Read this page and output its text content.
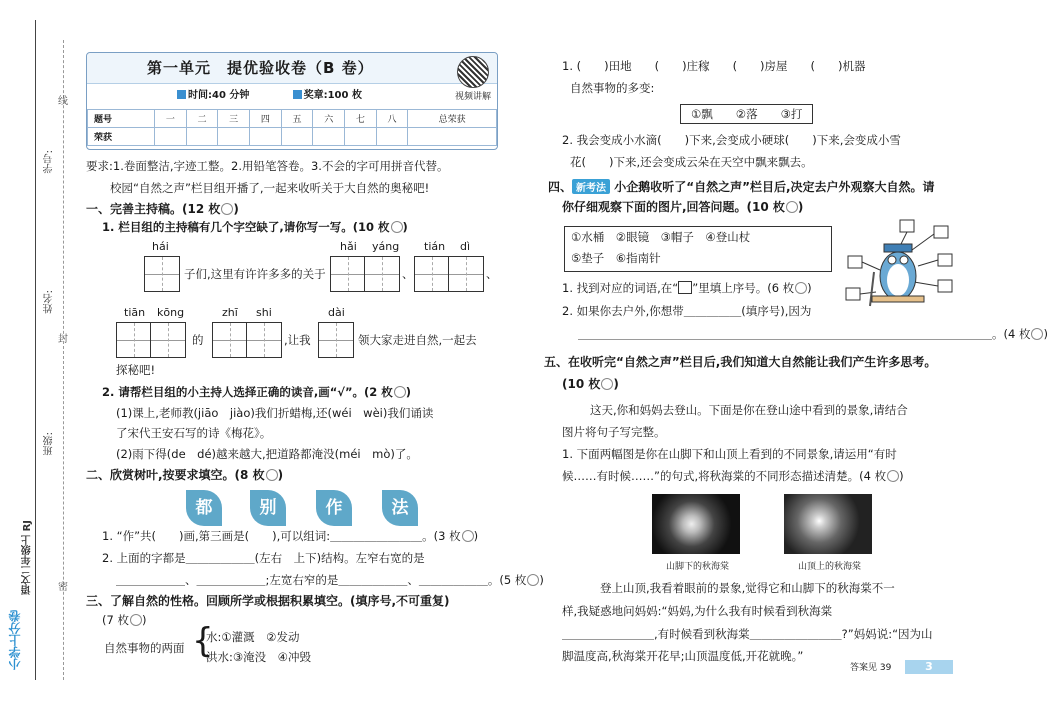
线
封
密
学号:
姓名:
班级:
语文二年级上 RJ
小学上分卷
第一单元　提优验收卷（B 卷）
视频讲解
时间:40 分钟	奖章:100 枚
题号	一	二	三	四	五	六	七	八	总荣获
荣获									
要求:1.卷面整洁,字迹工整。2.用铅笔答卷。3.不会的字可用拼音代替。
校园“自然之声”栏目组开播了,一起来收听关于大自然的奥秘吧!
一、完善主持稿。(12 枚 )
1. 栏目组的主持稿有几个字空缺了,请你写一写。(10 枚 )
hái	hǎi yáng tián dì
子们,这里有许许多多的关于	、	、
tiān kōng	zhī shi	dài
的	,让我	领大家走进自然,一起去
探秘吧!
2. 请帮栏目组的小主持人选择正确的读音,画“√”。(2 枚 )
(1)课上,老师教(jiāo　jiào)我们折蜡梅,还(wéi　wèi)我们诵读
了宋代王安石写的诗《梅花》。
(2)雨下得(de　dé)越来越大,把道路都淹没(méi　mò)了。
二、欣赏树叶,按要求填空。(8 枚 )
都	别	作	法
1. “作”共(　　)画,第三画是(　　),可以组词:＿＿＿＿＿＿＿＿。(3 枚 )
2. 上面的字都是＿＿＿＿＿＿(左右　上下)结构。左窄右宽的是
＿＿＿＿＿＿、＿＿＿＿＿＿;左宽右窄的是＿＿＿＿＿＿、＿＿＿＿＿＿。(5 枚 )
三、了解自然的性格。回顾所学或根据积累填空。(填序号,不可重复)
(7 枚 )
自然事物的两面 {
水:①灌溉　②发动
洪水:③淹没　④冲毁
1. (　　)田地　　(　　)庄稼　　(　　)房屋　　(　　)机器
自然事物的多变:
①飘　　②落　　③打
2. 我会变成小水滴(　　)下来,会变成小硬球(　　)下来,会变成小雪
花(　　)下来,还会变成云朵在天空中飘来飘去。
四、 新考法 小企鹅收听了“自然之声”栏目后,决定去户外观察大自然。请
你仔细观察下面的图片,回答问题。(10 枚 )
①水桶　②眼镜　③帽子　④登山杖
⑤垫子　⑥指南针
1. 找到对应的词语,在“ ”里填上序号。(6 枚 )
2. 如果你去户外,你想带＿＿＿＿＿(填序号),因为
＿＿＿＿＿＿＿＿＿＿＿＿＿＿＿＿＿＿＿＿＿＿＿＿＿＿＿＿＿＿＿＿＿＿＿＿。(4 枚 )
五、在收听完“自然之声”栏目后,我们知道大自然能让我们产生许多思考。
(10 枚 )
这天,你和妈妈去登山。下面是你在登山途中看到的景象,请结合
图片将句子写完整。
1. 下面两幅图是你在山脚下和山顶上看到的不同景象,请运用“有时
候……有时候……”的句式,将秋海棠的不同形态描述清楚。(4 枚 )
山脚下的秋海棠	山顶上的秋海棠
登上山顶,我看着眼前的景象,觉得它和山脚下的秋海棠不一
样,我疑惑地问妈妈:“妈妈,为什么我有时候看到秋海棠
＿＿＿＿＿＿＿＿,有时候看到秋海棠＿＿＿＿＿＿＿＿?”妈妈说:“因为山
脚温度高,秋海棠开花早;山顶温度低,开花就晚。”
答案见 39	3
